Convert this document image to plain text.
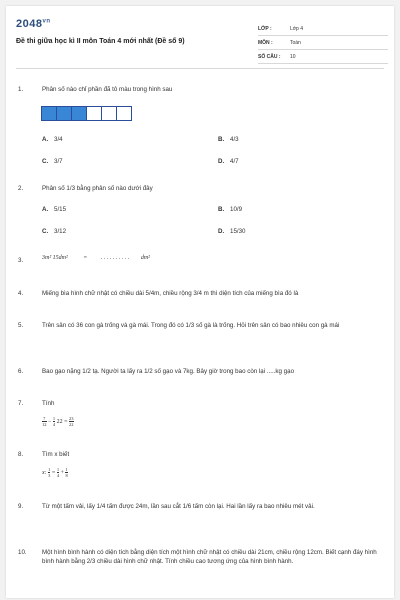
$2048^{vn}$
Đề thi giữa học kì II môn Toán 4 mới nhất (Đề số 9)
LỚP :	Lớp 4
MÔN :	Toán
SỐ CÂU :	10
1.	Phân số nào chỉ phần đã tô màu trong hình sau
A. 3/4	B. 4/3
C. 3/7	D. 4/7
2.	Phân số 1/3 bằng phân số nào dưới đây
A. 5/15	B. 10/9
C. 3/12	D. 15/30
3.	3m² 15dm²	= . . . . . . . . . . dm²
4.	Miếng bìa hình chữ nhật có chiều dài 5/4m, chiều rộng 3/4 m thì diện tích của miếng bìa đó là
5.	Trên sân có 36 con gà trống và gà mái. Trong đó có 1/3 số gà là trống. Hỏi trên sân có bao nhiêu con gà mái
6.	Bao gạo nặng 1/2 tạ. Người ta lấy ra 1/2 số gạo và 7kg. Bây giờ trong bao còn lại .....kg gạo
7.	Tính
$\frac{7}{12} - \frac{1}{4} 22 = \frac{23}{22}$
8.	Tìm x biết
x: $\frac{1}{3} = \frac{1}{4} + \frac{1}{8}$
9.	Từ một tấm vải, lấy 1/4 tấm được 24m, lần sau cắt 1/6 tấm còn lại. Hai lần lấy ra bao nhiêu mét vải.
10.	Một hình bình hành có diện tích bằng diện tích một hình chữ nhật có chiều dài 21cm, chiều rộng 12cm. Biết cạnh đáy hình bình hành bằng 2/3 chiều dài hình chữ nhật. Tính chiều cao tương ứng của hình bình hành.
